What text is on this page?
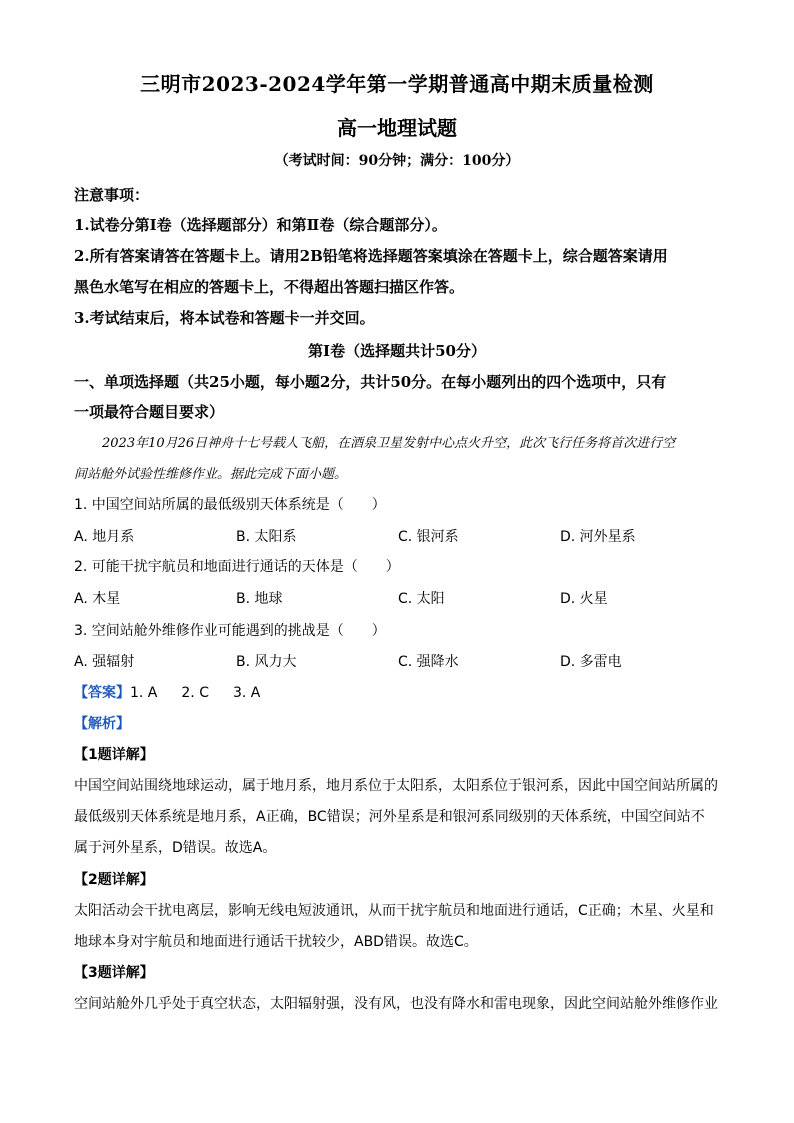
三明市2023-2024学年第一学期普通高中期末质量检测
高一地理试题
（考试时间：90分钟；满分：100分）
注意事项：
1.试卷分第Ⅰ卷（选择题部分）和第Ⅱ卷（综合题部分）。
2.所有答案请答在答题卡上。请用2B铅笔将选择题答案填涂在答题卡上，综合题答案请用
黑色水笔写在相应的答题卡上，不得超出答题扫描区作答。
3.考试结束后，将本试卷和答题卡一并交回。
第Ⅰ卷（选择题共计50分）
一、单项选择题（共25小题，每小题2分，共计50分。在每小题列出的四个选项中，只有
一项最符合题目要求）
2023年10月26日神舟十七号载人飞船，在酒泉卫星发射中心点火升空，此次飞行任务将首次进行空
间站舱外试验性维修作业。据此完成下面小题。
1. 中国空间站所属的最低级别天体系统是（　　）
A. 地月系	B. 太阳系	C. 银河系	D. 河外星系
2. 可能干扰宇航员和地面进行通话的天体是（　　）
A. 木星	B. 地球	C. 太阳	D. 火星
3. 空间站舱外维修作业可能遇到的挑战是（　　）
A. 强辐射	B. 风力大	C. 强降水	D. 多雷电
【答案】1. A 2. C 3. A
【解析】
【1题详解】
中国空间站围绕地球运动，属于地月系，地月系位于太阳系，太阳系位于银河系，因此中国空间站所属的
最低级别天体系统是地月系，A正确，BC错误；河外星系是和银河系同级别的天体系统，中国空间站不
属于河外星系，D错误。故选A。
【2题详解】
太阳活动会干扰电离层，影响无线电短波通讯，从而干扰宇航员和地面进行通话，C正确；木星、火星和
地球本身对宇航员和地面进行通话干扰较少，ABD错误。故选C。
【3题详解】
空间站舱外几乎处于真空状态，太阳辐射强，没有风，也没有降水和雷电现象，因此空间站舱外维修作业
